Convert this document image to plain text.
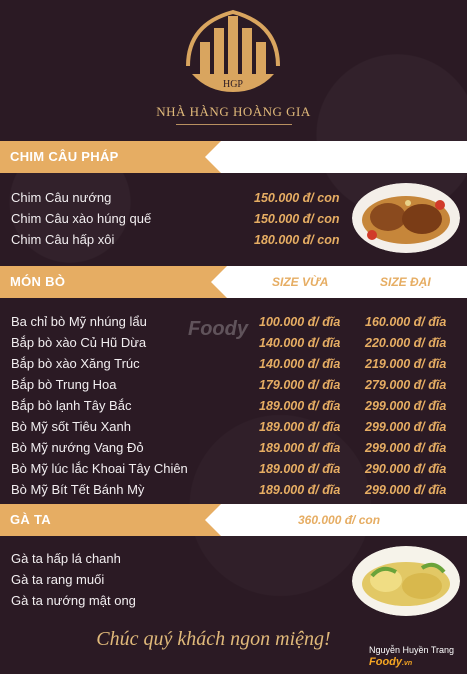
HGP
NHÀ HÀNG HOÀNG GIA
CHIM CÂU PHÁP
Chim Câu nướng	150.000 đ/ con
Chim Câu xào húng quế	150.000 đ/ con
Chim Câu hấp xôi	180.000 đ/ con
MÓN BÒ	SIZE VỪA	SIZE ĐẠI
Foody
Ba chỉ bò Mỹ nhúng lẩu	100.000 đ/ đĩa 160.000 đ/ đĩa
Bắp bò xào Củ Hũ Dừa	140.000 đ/ đĩa 220.000 đ/ đĩa
Bắp bò xào Xăng Trúc	140.000 đ/ đĩa 219.000 đ/ đĩa
Bắp bò Trung Hoa	179.000 đ/ đĩa 279.000 đ/ đĩa
Bắp bò lạnh Tây Bắc	189.000 đ/ đĩa 299.000 đ/ đĩa
Bò Mỹ sốt Tiêu Xanh	189.000 đ/ đĩa 299.000 đ/ đĩa
Bò Mỹ nướng Vang Đỏ	189.000 đ/ đĩa 299.000 đ/ đĩa
Bò Mỹ lúc lắc Khoai Tây Chiên	189.000 đ/ đĩa 290.000 đ/ đĩa
Bò Mỹ Bít Tết Bánh Mỳ	189.000 đ/ đĩa 299.000 đ/ đĩa
GÀ TA	360.000 đ/ con
Gà ta hấp lá chanh
Gà ta rang muối
Gà ta nướng mật ong
Chúc quý khách ngon miệng!	Nguyễn Huyền Trang
Foody.vn
